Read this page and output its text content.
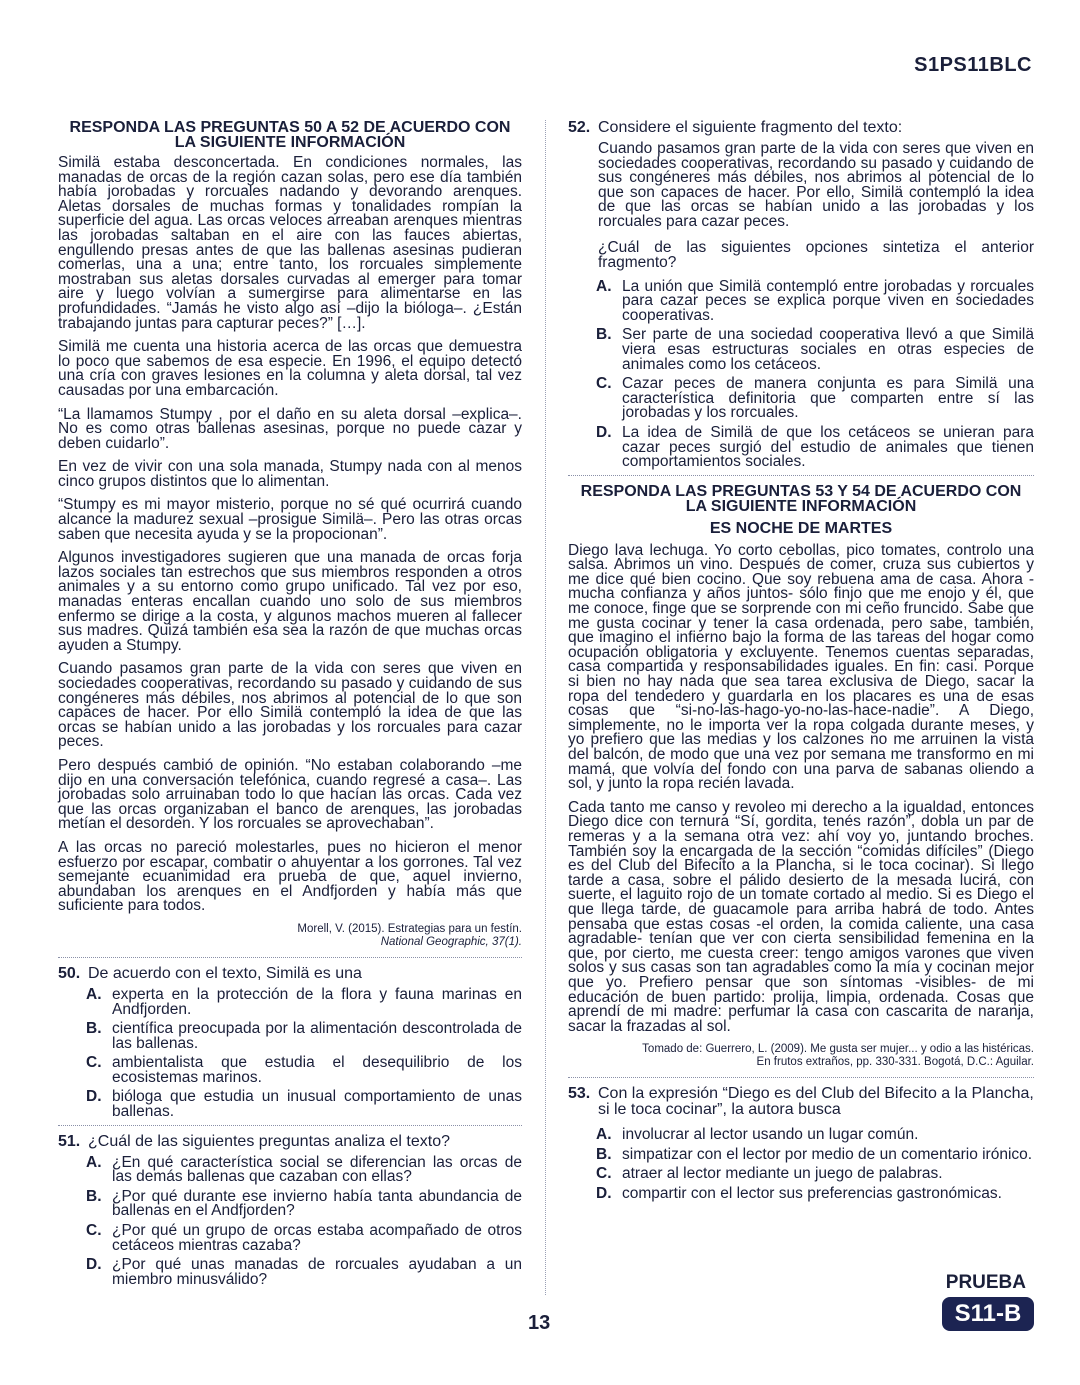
S1PS11BLC
RESPONDA LAS PREGUNTAS 50 A 52 DE ACUERDO CON LA SIGUIENTE INFORMACIÓN

Similä estaba desconcertada. En condiciones normales, las manadas de orcas de la región cazan solas, pero ese día también había jorobadas y rorcuales nadando y devorando arenques. Aletas dorsales de muchas formas y tonalidades rompían la superficie del agua. Las orcas veloces arreaban arenques mientras las jorobadas saltaban en el aire con las fauces abiertas, engullendo presas antes de que las ballenas asesinas pudieran comerlas, una a una; entre tanto, los rorcuales simplemente mostraban sus aletas dorsales curvadas al emerger para tomar aire y luego volvían a sumergirse para alimentarse en las profundidades. “Jamás he visto algo así –dijo la bióloga–. ¿Están trabajando juntas para capturar peces?” […].

Similä me cuenta una historia acerca de las orcas que demuestra lo poco que sabemos de esa especie. En 1996, el equipo detectó una cría con graves lesiones en la columna y aleta dorsal, tal vez causadas por una embarcación.

“La llamamos Stumpy , por el daño en su aleta dorsal –explica–. No es como otras ballenas asesinas, porque no puede cazar y deben cuidarlo”.

En vez de vivir con una sola manada, Stumpy nada con al menos cinco grupos distintos que lo alimentan.

“Stumpy es mi mayor misterio, porque no sé qué ocurrirá cuando alcance la madurez sexual –prosigue Similä–. Pero las otras orcas saben que necesita ayuda y se la propocionan”.

Algunos investigadores sugieren que una manada de orcas forja lazos sociales tan estrechos que sus miembros responden a otros animales y a su entorno como grupo unificado. Tal vez por eso, manadas enteras encallan cuando uno solo de sus miembros enfermo se dirige a la costa, y algunos machos mueren al fallecer sus madres. Quizá también esa sea la razón de que muchas orcas ayuden a Stumpy.

Cuando pasamos gran parte de la vida con seres que viven en sociedades cooperativas, recordando su pasado y cuidando de sus congéneres más débiles, nos abrimos al potencial de lo que son capaces de hacer. Por ello Similä contempló la idea de que las orcas se habían unido a las jorobadas y los rorcuales para cazar peces.

Pero después cambió de opinión. “No estaban colaborando –me dijo en una conversación telefónica, cuando regresé a casa–. Las jorobadas solo arruinaban todo lo que hacían las orcas. Cada vez que las orcas organizaban el banco de arenques, las jorobadas metían el desorden. Y los rorcuales se aprovechaban”.

A las orcas no pareció molestarles, pues no hicieron el menor esfuerzo por escapar, combatir o ahuyentar a los gorrones. Tal vez semejante ecuanimidad era prueba de que, aquel invierno, abundaban los arenques en el Andfjorden y había más que suficiente para todos.

Morell, V. (2015). Estrategias para un festín.
National Geographic, 37(1).
50. De acuerdo con el texto, Similä es una
A. experta en la protección de la flora y fauna marinas en Andfjorden.
B. científica preocupada por la alimentación descontrolada de las ballenas.
C. ambientalista que estudia el desequilibrio de los ecosistemas marinos.
D. bióloga que estudia un inusual comportamiento de unas ballenas.
51. ¿Cuál de las siguientes preguntas analiza el texto?
A. ¿En qué característica social se diferencian las orcas de las demás ballenas que cazaban con ellas?
B. ¿Por qué durante ese invierno había tanta abundancia de ballenas en el Andfjorden?
C. ¿Por qué un grupo de orcas estaba acompañado de otros cetáceos mientras cazaba?
D. ¿Por qué unas manadas de rorcuales ayudaban a un miembro minusválido?
52. Considere el siguiente fragmento del texto:
Cuando pasamos gran parte de la vida con seres que viven en sociedades cooperativas, recordando su pasado y cuidando de sus congéneres más débiles, nos abrimos al potencial de lo que son capaces de hacer. Por ello, Similä contempló la idea de que las orcas se habían unido a las jorobadas y los rorcuales para cazar peces.
¿Cuál de las siguientes opciones sintetiza el anterior fragmento?
A. La unión que Similä contempló entre jorobadas y rorcuales para cazar peces se explica porque viven en sociedades cooperativas.
B. Ser parte de una sociedad cooperativa llevó a que Similä viera esas estructuras sociales en otras especies de animales como los cetáceos.
C. Cazar peces de manera conjunta es para Similä una característica definitoria que comparten entre sí las jorobadas y los rorcuales.
D. La idea de Similä de que los cetáceos se unieran para cazar peces surgió del estudio de animales que tienen comportamientos sociales.
RESPONDA LAS PREGUNTAS 53 Y 54 DE ACUERDO CON LA SIGUIENTE INFORMACIÓN
ES NOCHE DE MARTES

Diego lava lechuga. Yo corto cebollas, pico tomates, controlo una salsa. Abrimos un vino. Después de comer, cruza sus cubiertos y me dice qué bien cocino. Que soy rebuena ama de casa. Ahora -mucha confianza y años juntos- sólo finjo que me enojo y él, que me conoce, finge que se sorprende con mi ceño fruncido. Sabe que me gusta cocinar y tener la casa ordenada, pero sabe, también, que imagino el infierno bajo la forma de las tareas del hogar como ocupación obligatoria y excluyente. Tenemos cuentas separadas, casa compartida y responsabilidades iguales. En fin: casi. Porque si bien no hay nada que sea tarea exclusiva de Diego, sacar la ropa del tendedero y guardarla en los placares es una de esas cosas que “si-no-las-hago-yo-no-las-hace-nadie”. A Diego, simplemente, no le importa ver la ropa colgada durante meses, y yo prefiero que las medias y los calzones no me arruinen la vista del balcón, de modo que una vez por semana me transformo en mi mamá, que volvía del fondo con una parva de sabanas oliendo a sol, y junto la ropa recién lavada.

Cada tanto me canso y revoleo mi derecho a la igualdad, entonces Diego dice con ternura “Sí, gordita, tenés razón”, dobla un par de remeras y a la semana otra vez: ahí voy yo, juntando broches. También soy la encargada de la sección “comidas difíciles” (Diego es del Club del Bifecito a la Plancha, si le toca cocinar). Si llego tarde a casa, sobre el pálido desierto de la mesada lucirá, con suerte, el laguito rojo de un tomate cortado al medio. Si es Diego el que llega tarde, de guacamole para arriba habrá de todo. Antes pensaba que estas cosas -el orden, la comida caliente, una casa agradable- tenían que ver con cierta sensibilidad femenina en la que, por cierto, me cuesta creer: tengo amigos varones que viven solos y sus casas son tan agradables como la mía y cocinan mejor que yo. Prefiero pensar que son síntomas -visibles- de mi educación de buen partido: prolija, limpia, ordenada. Cosas que aprendí de mi madre: perfumar la casa con cascarita de naranja, sacar la frazadas al sol.

Tomado de: Guerrero, L. (2009). Me gusta ser mujer... y odio a las histéricas.
En frutos extraños, pp. 330-331. Bogotá, D.C.: Aguilar.
53. Con la expresión “Diego es del Club del Bifecito a la Plancha, si le toca cocinar”, la autora busca
A. involucrar al lector usando un lugar común.
B. simpatizar con el lector por medio de un comentario irónico.
C. atraer al lector mediante un juego de palabras.
D. compartir con el lector sus preferencias gastronómicas.
13
PRUEBA
S11-B
